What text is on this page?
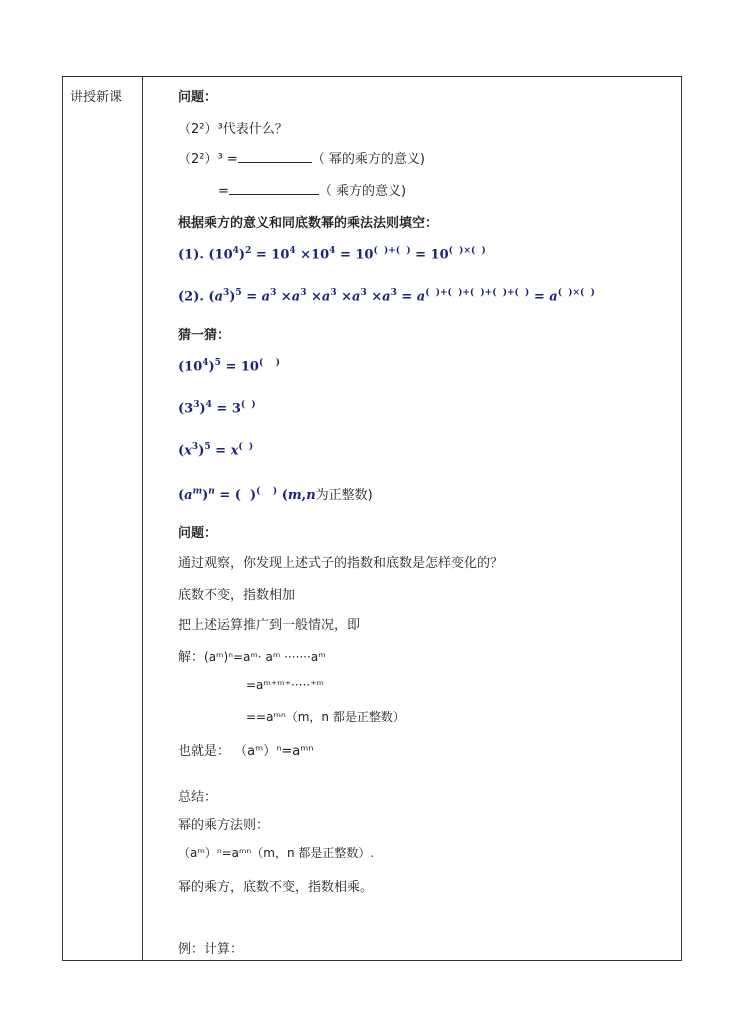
讲授新课	问题：
（2²）³代表什么？
（2²）³ =	（ 幂的乘方的意义)
=	（ 乘方的意义)
根据乘方的意义和同底数幂的乘法法则填空：
(1). $(10^4)^2 = 10^4 \times 10^4 = 10^{( )+( )} = 10^{( )\times( )}$
(2). $(a^3)^5 = a^3 \times a^3 \times a^3 \times a^3 \times a^3 = a^{( )+( )+( )+( )+( )} = a^{( )\times( )}$
猜一猜：
$(10^4)^5 = 10^{( )}$
$(3^3)^4 = 3^{( )}$
$(x^3)^5 = x^{( )}$
$(a^m)^n$ = (  )(    ) (m,n为正整数)
问题：
通过观察，你发现上述式子的指数和底数是怎样变化的？
底数不变，指数相加
把上述运算推广到一般情况，即
解：(aᵐ)ⁿ=aᵐ· aᵐ ·······aᵐ
=aᵐ⁺ᵐ⁺·····⁺ᵐ
==aᵐⁿ（m，n 都是正整数）
也就是： （aᵐ）ⁿ=aᵐⁿ
总结：
幂的乘方法则：
（aᵐ）ⁿ=aᵐⁿ（m，n 都是正整数）.
幂的乘方，底数不变，指数相乘。
例：计算：
